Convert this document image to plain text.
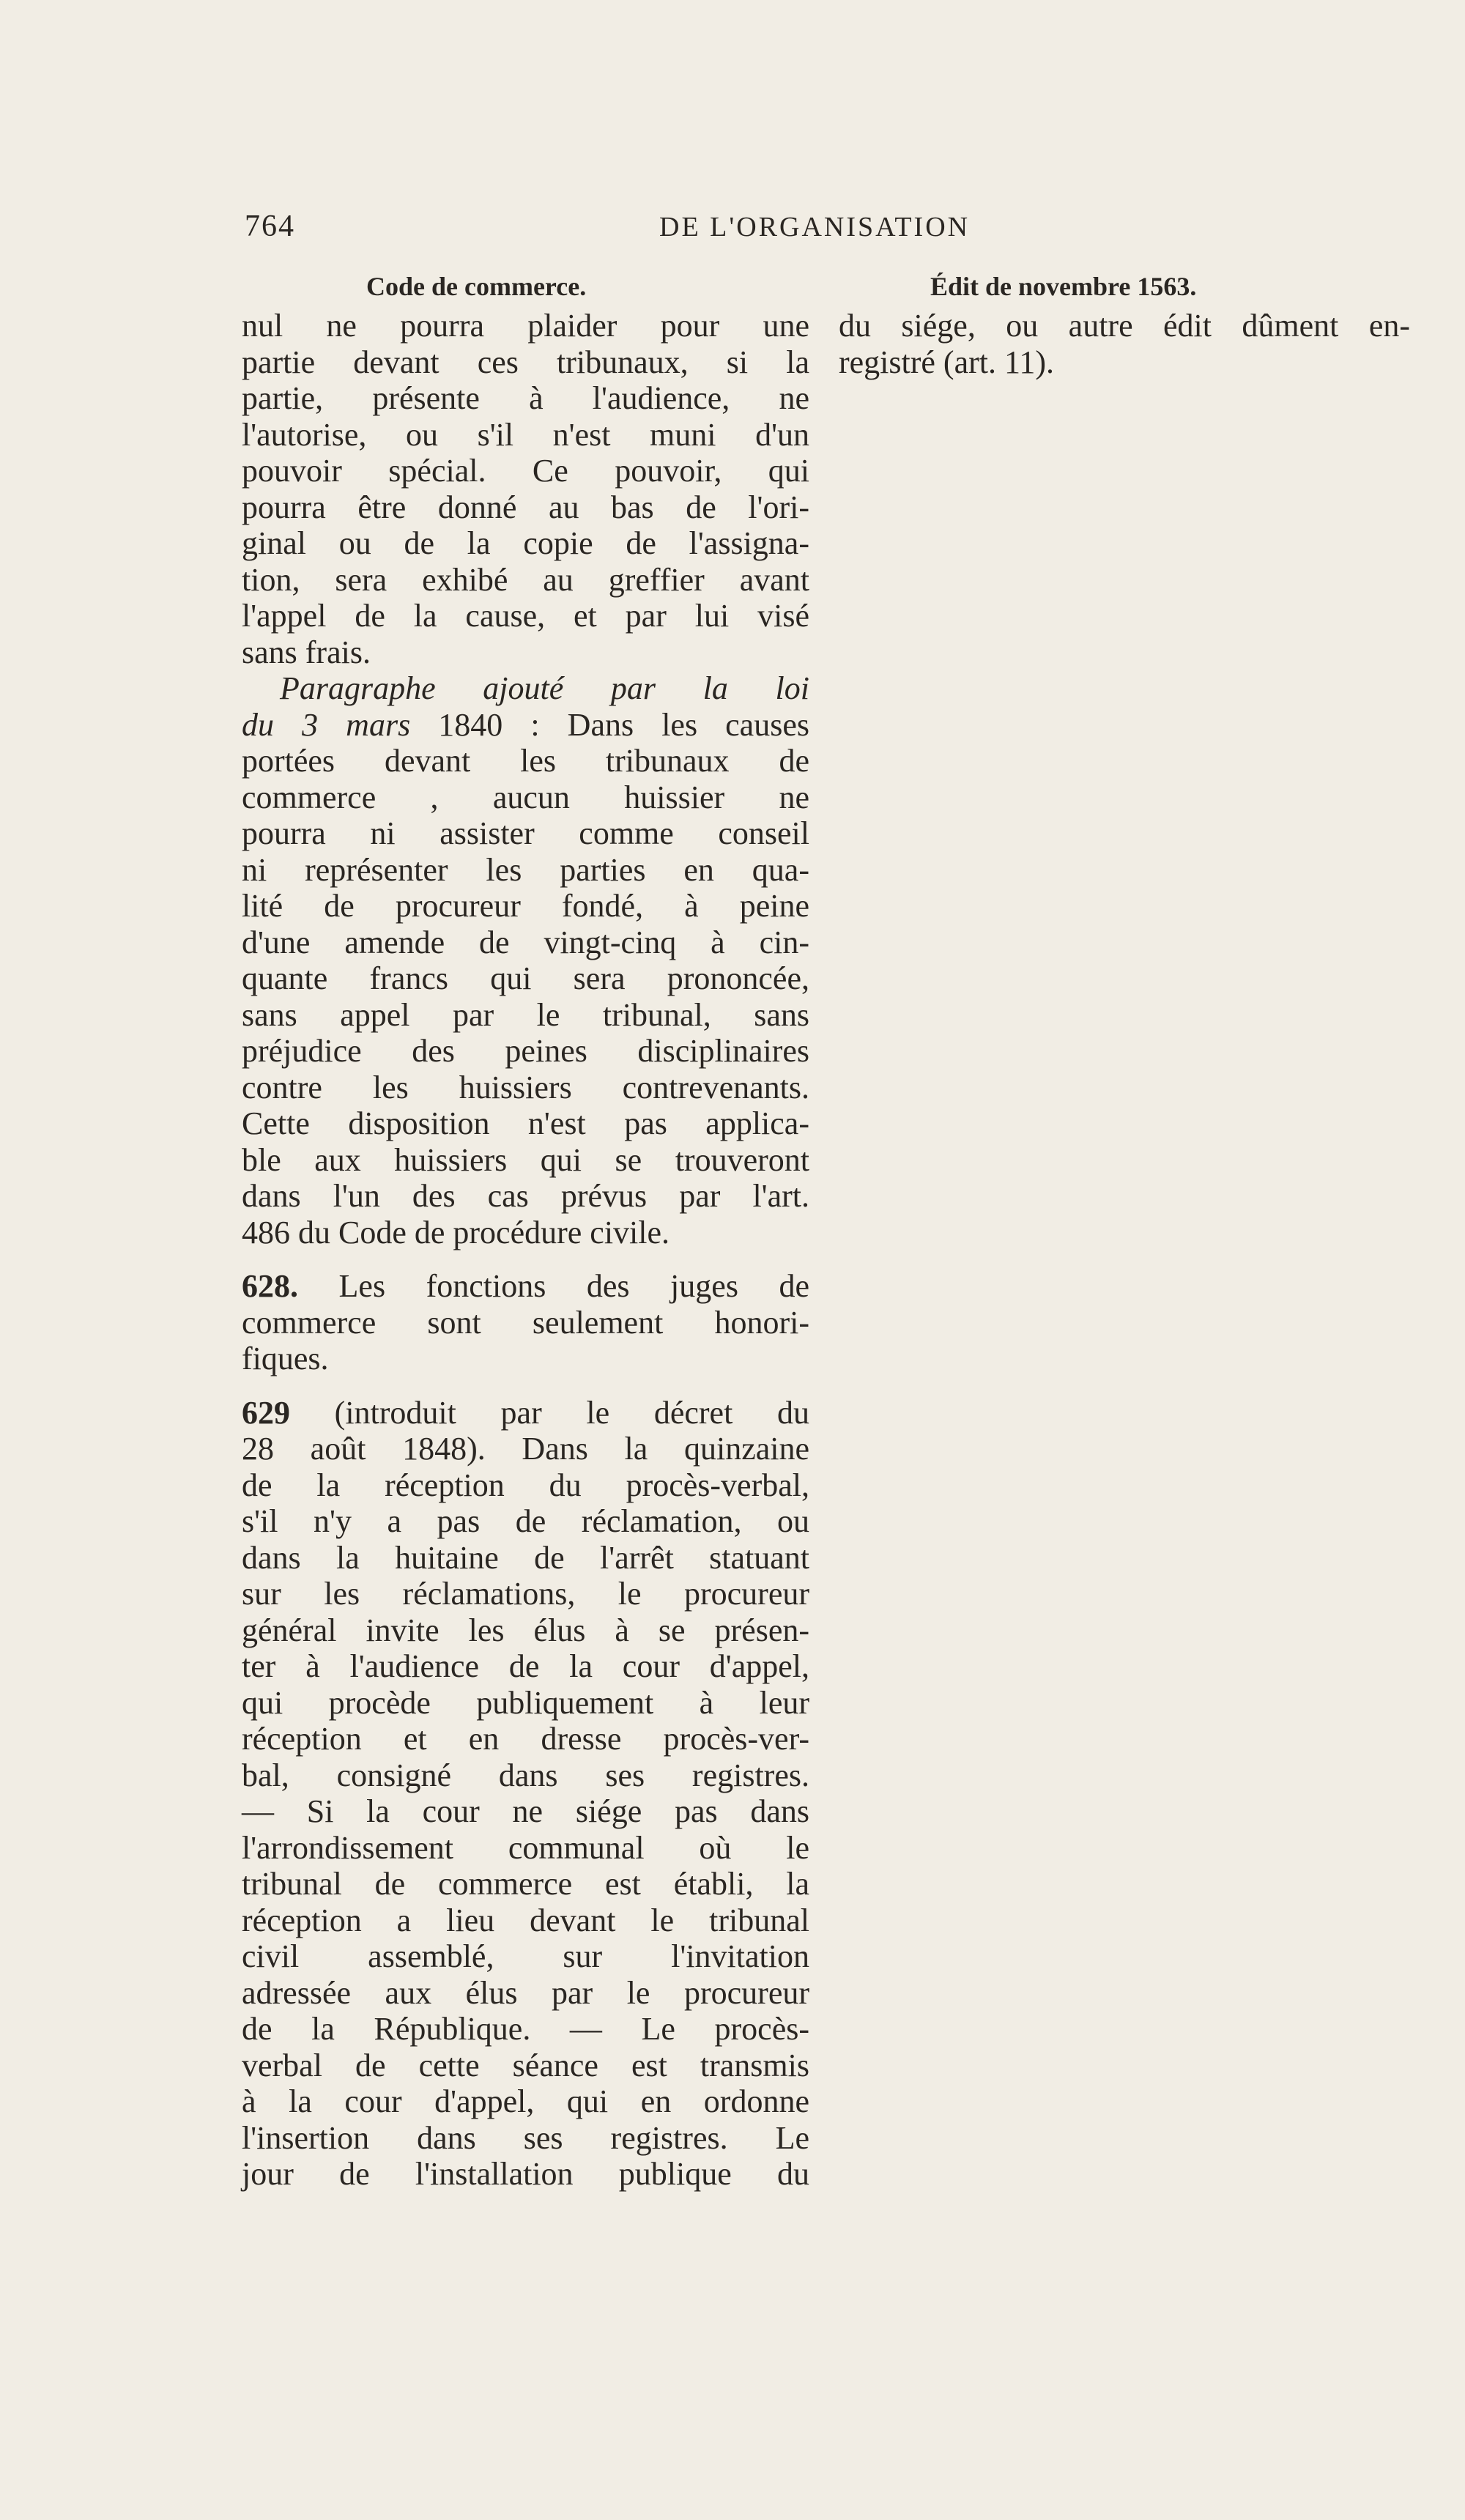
764	DE L'ORGANISATION
Code de commerce.	Édit de novembre 1563.
nul ne pourra plaider pour une
partie devant ces tribunaux, si la
partie, présente à l'audience, ne
l'autorise, ou s'il n'est muni d'un
pouvoir spécial. Ce pouvoir, qui
pourra être donné au bas de l'ori-
ginal ou de la copie de l'assigna-
tion, sera exhibé au greffier avant
l'appel de la cause, et par lui visé
sans frais.
Paragraphe ajouté par la loi
du 3 mars 1840 : Dans les causes
portées devant les tribunaux de
commerce , aucun huissier ne
pourra ni assister comme conseil
ni représenter les parties en qua-
lité de procureur fondé, à peine
d'une amende de vingt-cinq à cin-
quante francs qui sera prononcée,
sans appel par le tribunal, sans
préjudice des peines disciplinaires
contre les huissiers contrevenants.
Cette disposition n'est pas applica-
ble aux huissiers qui se trouveront
dans l'un des cas prévus par l'art.
486 du Code de procédure civile.
628. Les fonctions des juges de
commerce sont seulement honori-
fiques.
629 (introduit par le décret du
28 août 1848). Dans la quinzaine
de la réception du procès-verbal,
s'il n'y a pas de réclamation, ou
dans la huitaine de l'arrêt statuant
sur les réclamations, le procureur
général invite les élus à se présen-
ter à l'audience de la cour d'appel,
qui procède publiquement à leur
réception et en dresse procès-ver-
bal, consigné dans ses registres.
— Si la cour ne siége pas dans
l'arrondissement communal où le
tribunal de commerce est établi, la
réception a lieu devant le tribunal
civil assemblé, sur l'invitation
adressée aux élus par le procureur
de la République. — Le procès-
verbal de cette séance est transmis
à la cour d'appel, qui en ordonne
l'insertion dans ses registres. Le
jour de l'installation publique du
du siége, ou autre édit dûment en-
registré (art. 11).
